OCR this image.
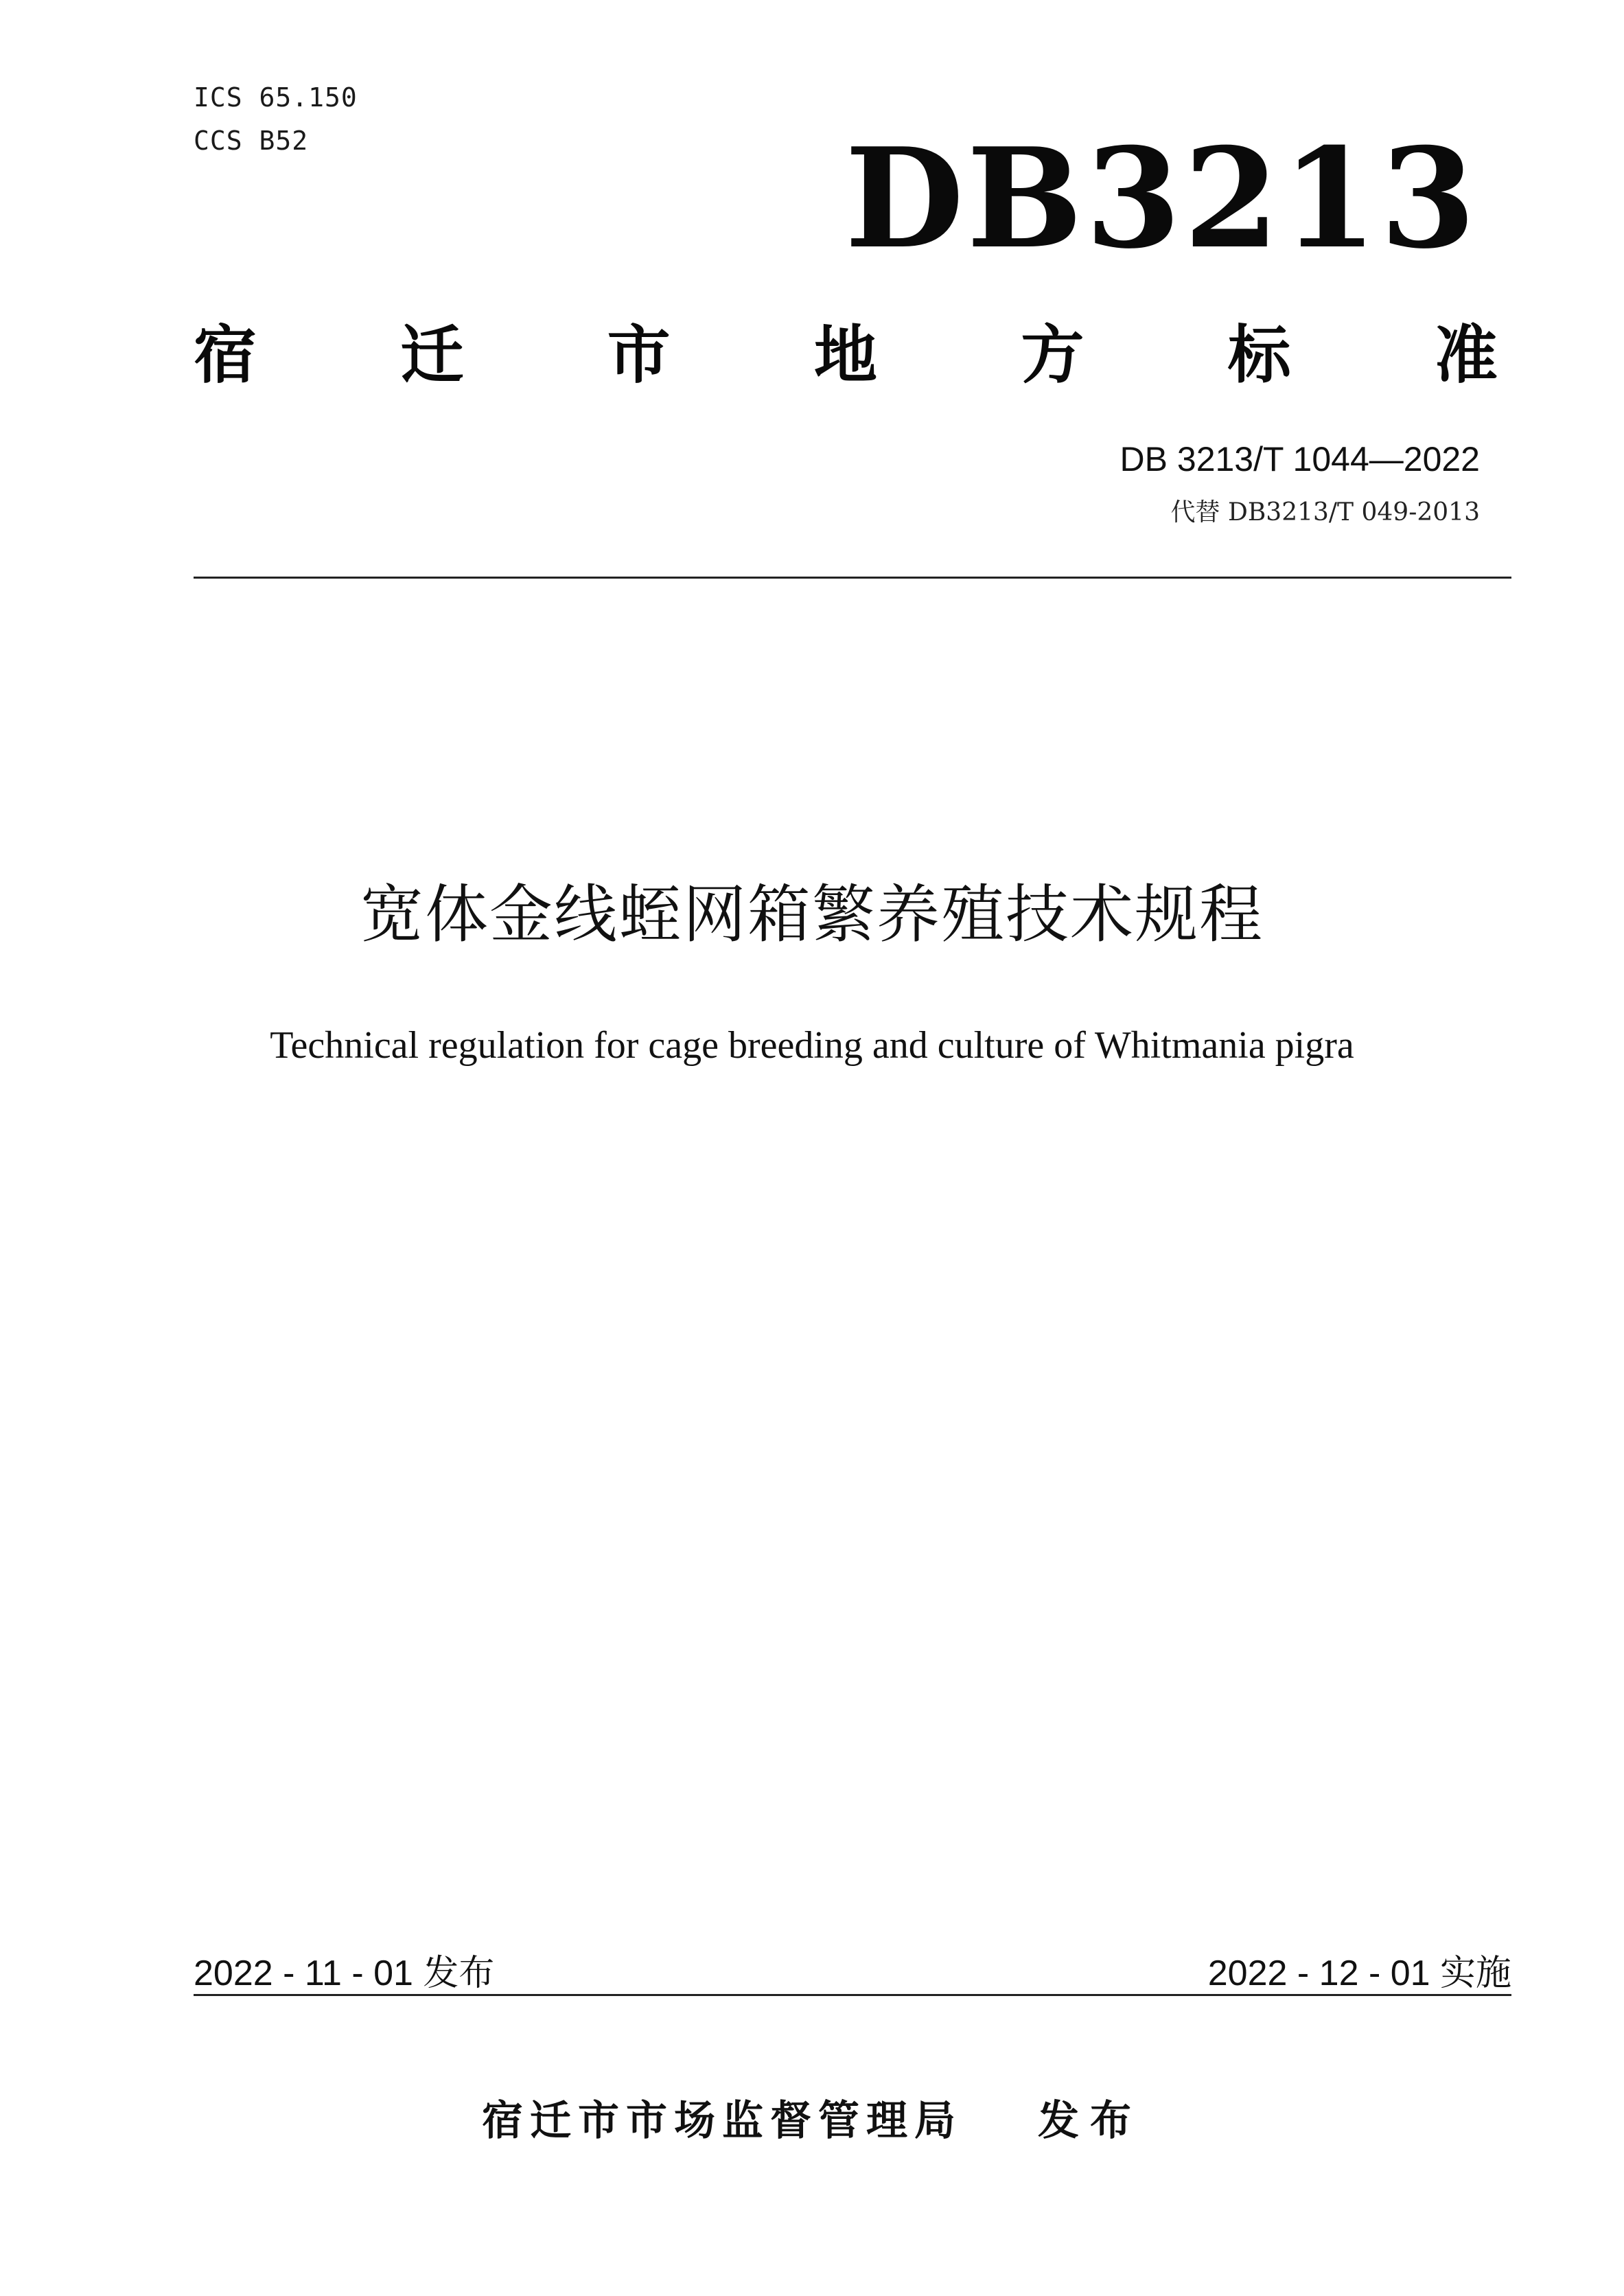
ICS 65.150
CCS B52	DB3213
宿 迁 市 地 方 标 准
DB 3213/T 1044—2022
代替 DB3213/T 049-2013
宽体金线蛭网箱繁养殖技术规程
Technical regulation for cage breeding and culture of Whitmania pigra
2022 - 11 - 01 发布	2022 - 12 - 01 实施
宿迁市市场监督管理局 发布
